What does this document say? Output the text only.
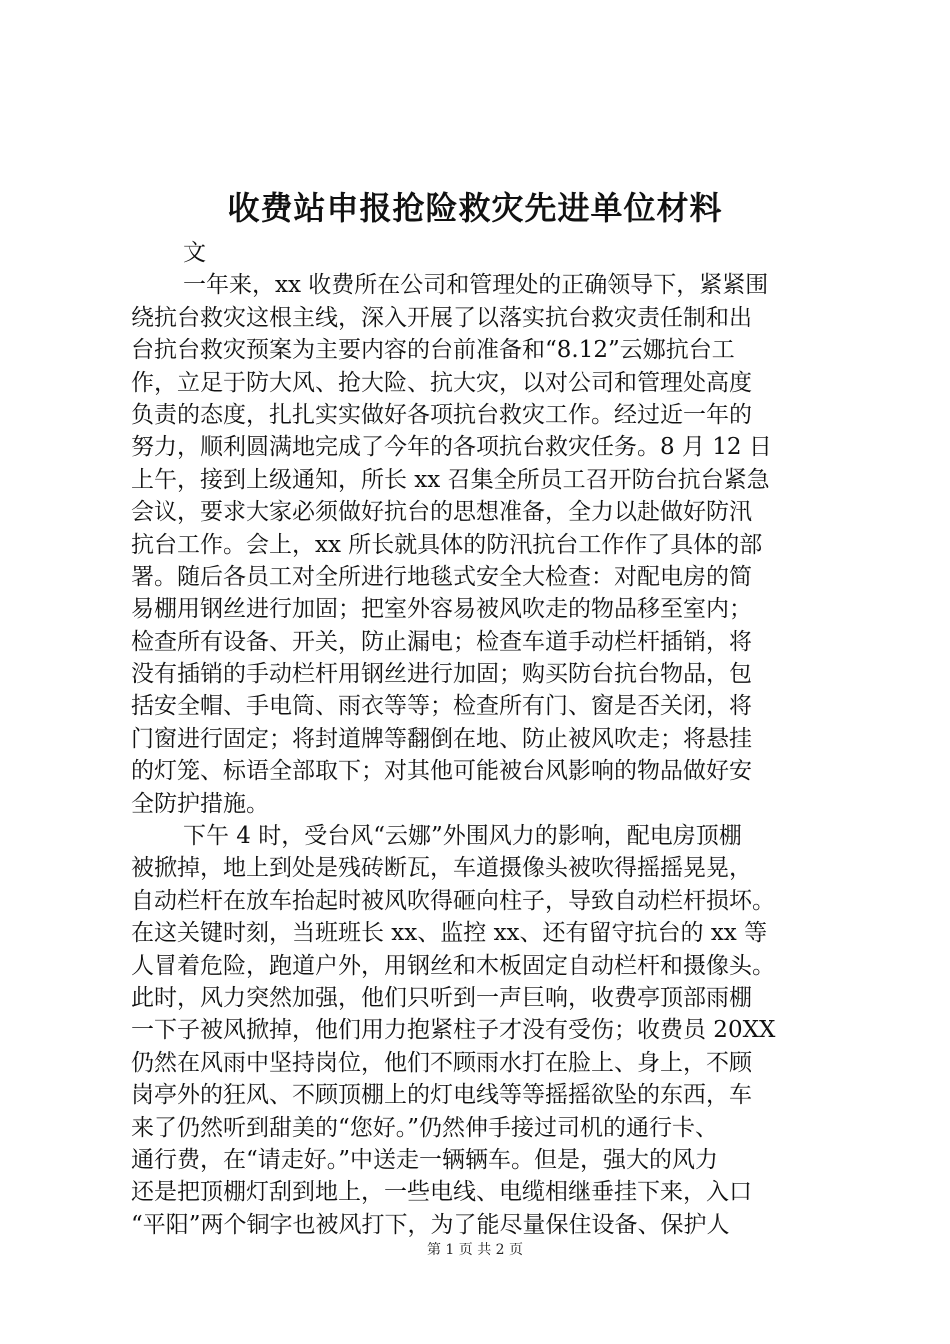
收费站申报抢险救灾先进单位材料
文
一年来，xx 收费所在公司和管理处的正确领导下，紧紧围
绕抗台救灾这根主线，深入开展了以落实抗台救灾责任制和出
台抗台救灾预案为主要内容的台前准备和“8.12”云娜抗台工
作，立足于防大风、抢大险、抗大灾，以对公司和管理处高度
负责的态度，扎扎实实做好各项抗台救灾工作。经过近一年的
努力，顺利圆满地完成了今年的各项抗台救灾任务。8 月 12 日
上午，接到上级通知，所长 xx 召集全所员工召开防台抗台紧急
会议，要求大家必须做好抗台的思想准备，全力以赴做好防汛
抗台工作。会上，xx 所长就具体的防汛抗台工作作了具体的部
署。随后各员工对全所进行地毯式安全大检查：对配电房的简
易棚用钢丝进行加固；把室外容易被风吹走的物品移至室内；
检查所有设备、开关，防止漏电；检查车道手动栏杆插销，将
没有插销的手动栏杆用钢丝进行加固；购买防台抗台物品，包
括安全帽、手电筒、雨衣等等；检查所有门、窗是否关闭，将
门窗进行固定；将封道牌等翻倒在地、防止被风吹走；将悬挂
的灯笼、标语全部取下；对其他可能被台风影响的物品做好安
全防护措施。
下午 4 时，受台风“云娜”外围风力的影响，配电房顶棚
被掀掉，地上到处是残砖断瓦，车道摄像头被吹得摇摇晃晃，
自动栏杆在放车抬起时被风吹得砸向柱子，导致自动栏杆损坏。
在这关键时刻，当班班长 xx、监控 xx、还有留守抗台的 xx 等
人冒着危险，跑道户外，用钢丝和木板固定自动栏杆和摄像头。
此时，风力突然加强，他们只听到一声巨响，收费亭顶部雨棚
一下子被风掀掉，他们用力抱紧柱子才没有受伤；收费员 20XX
仍然在风雨中坚持岗位，他们不顾雨水打在脸上、身上，不顾
岗亭外的狂风、不顾顶棚上的灯电线等等摇摇欲坠的东西，车
来了仍然听到甜美的“您好。”仍然伸手接过司机的通行卡、
通行费，在“请走好。”中送走一辆辆车。但是，强大的风力
还是把顶棚灯刮到地上，一些电线、电缆相继垂挂下来，入口
“平阳”两个铜字也被风打下，为了能尽量保住设备、保护人
第 1 页 共 2 页
